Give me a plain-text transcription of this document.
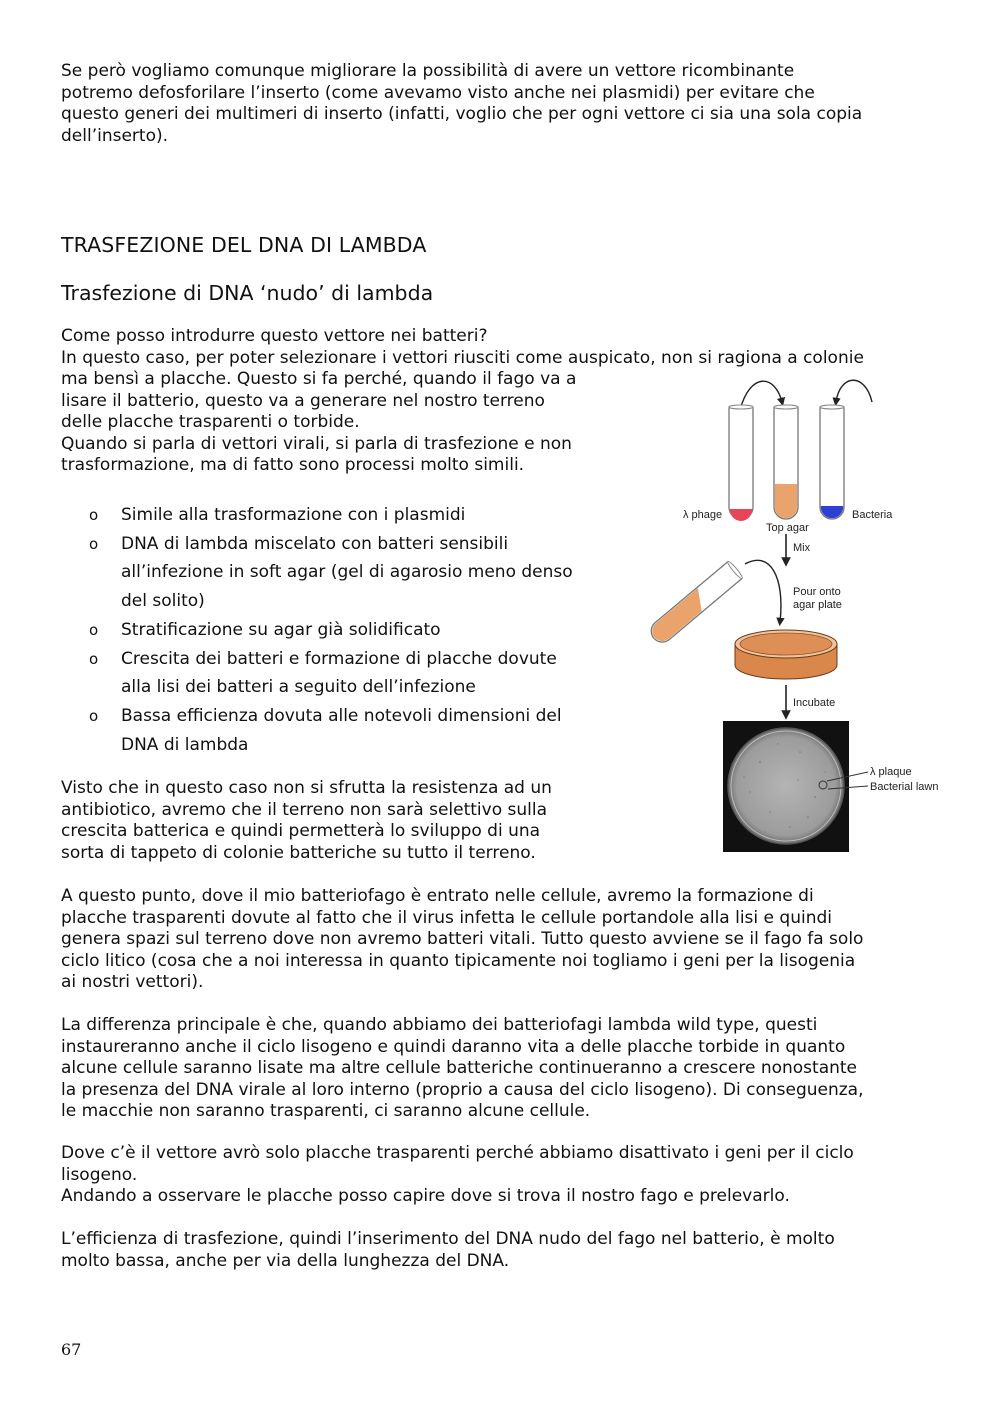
Se però vogliamo comunque migliorare la possibilità di avere un vettore ricombinante
potremo defosforilare l’inserto (come avevamo visto anche nei plasmidi) per evitare che
questo generi dei multimeri di inserto (infatti, voglio che per ogni vettore ci sia una sola copia
dell’inserto).

TRASFEZIONE DEL DNA DI LAMBDA
Trasfezione di DNA ‘nudo’ di lambda

Come posso introdurre questo vettore nei batteri?
In questo caso, per poter selezionare i vettori riusciti come auspicato, non si ragiona a colonie
ma bensì a placche. Questo si fa perché, quando il fago va a
lisare il batterio, questo va a generare nel nostro terreno
delle placche trasparenti o torbide.
Quando si parla di vettori virali, si parla di trasfezione e non
trasformazione, ma di fatto sono processi molto simili.

o Simile alla trasformazione con i plasmidi
o DNA di lambda miscelato con batteri sensibili
all’infezione in soft agar (gel di agarosio meno denso
del solito)
o Stratificazione su agar già solidificato
o Crescita dei batteri e formazione di placche dovute
alla lisi dei batteri a seguito dell’infezione
o Bassa efficienza dovuta alle notevoli dimensioni del
DNA di lambda

Visto che in questo caso non si sfrutta la resistenza ad un
antibiotico, avremo che il terreno non sarà selettivo sulla
crescita batterica e quindi permetterà lo sviluppo di una
sorta di tappeto di colonie batteriche su tutto il terreno.

A questo punto, dove il mio batteriofago è entrato nelle cellule, avremo la formazione di
placche trasparenti dovute al fatto che il virus infetta le cellule portandole alla lisi e quindi
genera spazi sul terreno dove non avremo batteri vitali. Tutto questo avviene se il fago fa solo
ciclo litico (cosa che a noi interessa in quanto tipicamente noi togliamo i geni per la lisogenia
ai nostri vettori).

La differenza principale è che, quando abbiamo dei batteriofagi lambda wild type, questi
instaureranno anche il ciclo lisogeno e quindi daranno vita a delle placche torbide in quanto
alcune cellule saranno lisate ma altre cellule batteriche continueranno a crescere nonostante
la presenza del DNA virale al loro interno (proprio a causa del ciclo lisogeno). Di conseguenza,
le macchie non saranno trasparenti, ci saranno alcune cellule.

Dove c’è il vettore avrò solo placche trasparenti perché abbiamo disattivato i geni per il ciclo
lisogeno.
Andando a osservare le placche posso capire dove si trova il nostro fago e prelevarlo.

L’efficienza di trasfezione, quindi l’inserimento del DNA nudo del fago nel batterio, è molto
molto bassa, anche per via della lunghezza del DNA.

67

λ phage
Top agar
Bacteria
Mix
Pour onto
agar plate
Incubate
λ plaque
Bacterial lawn
